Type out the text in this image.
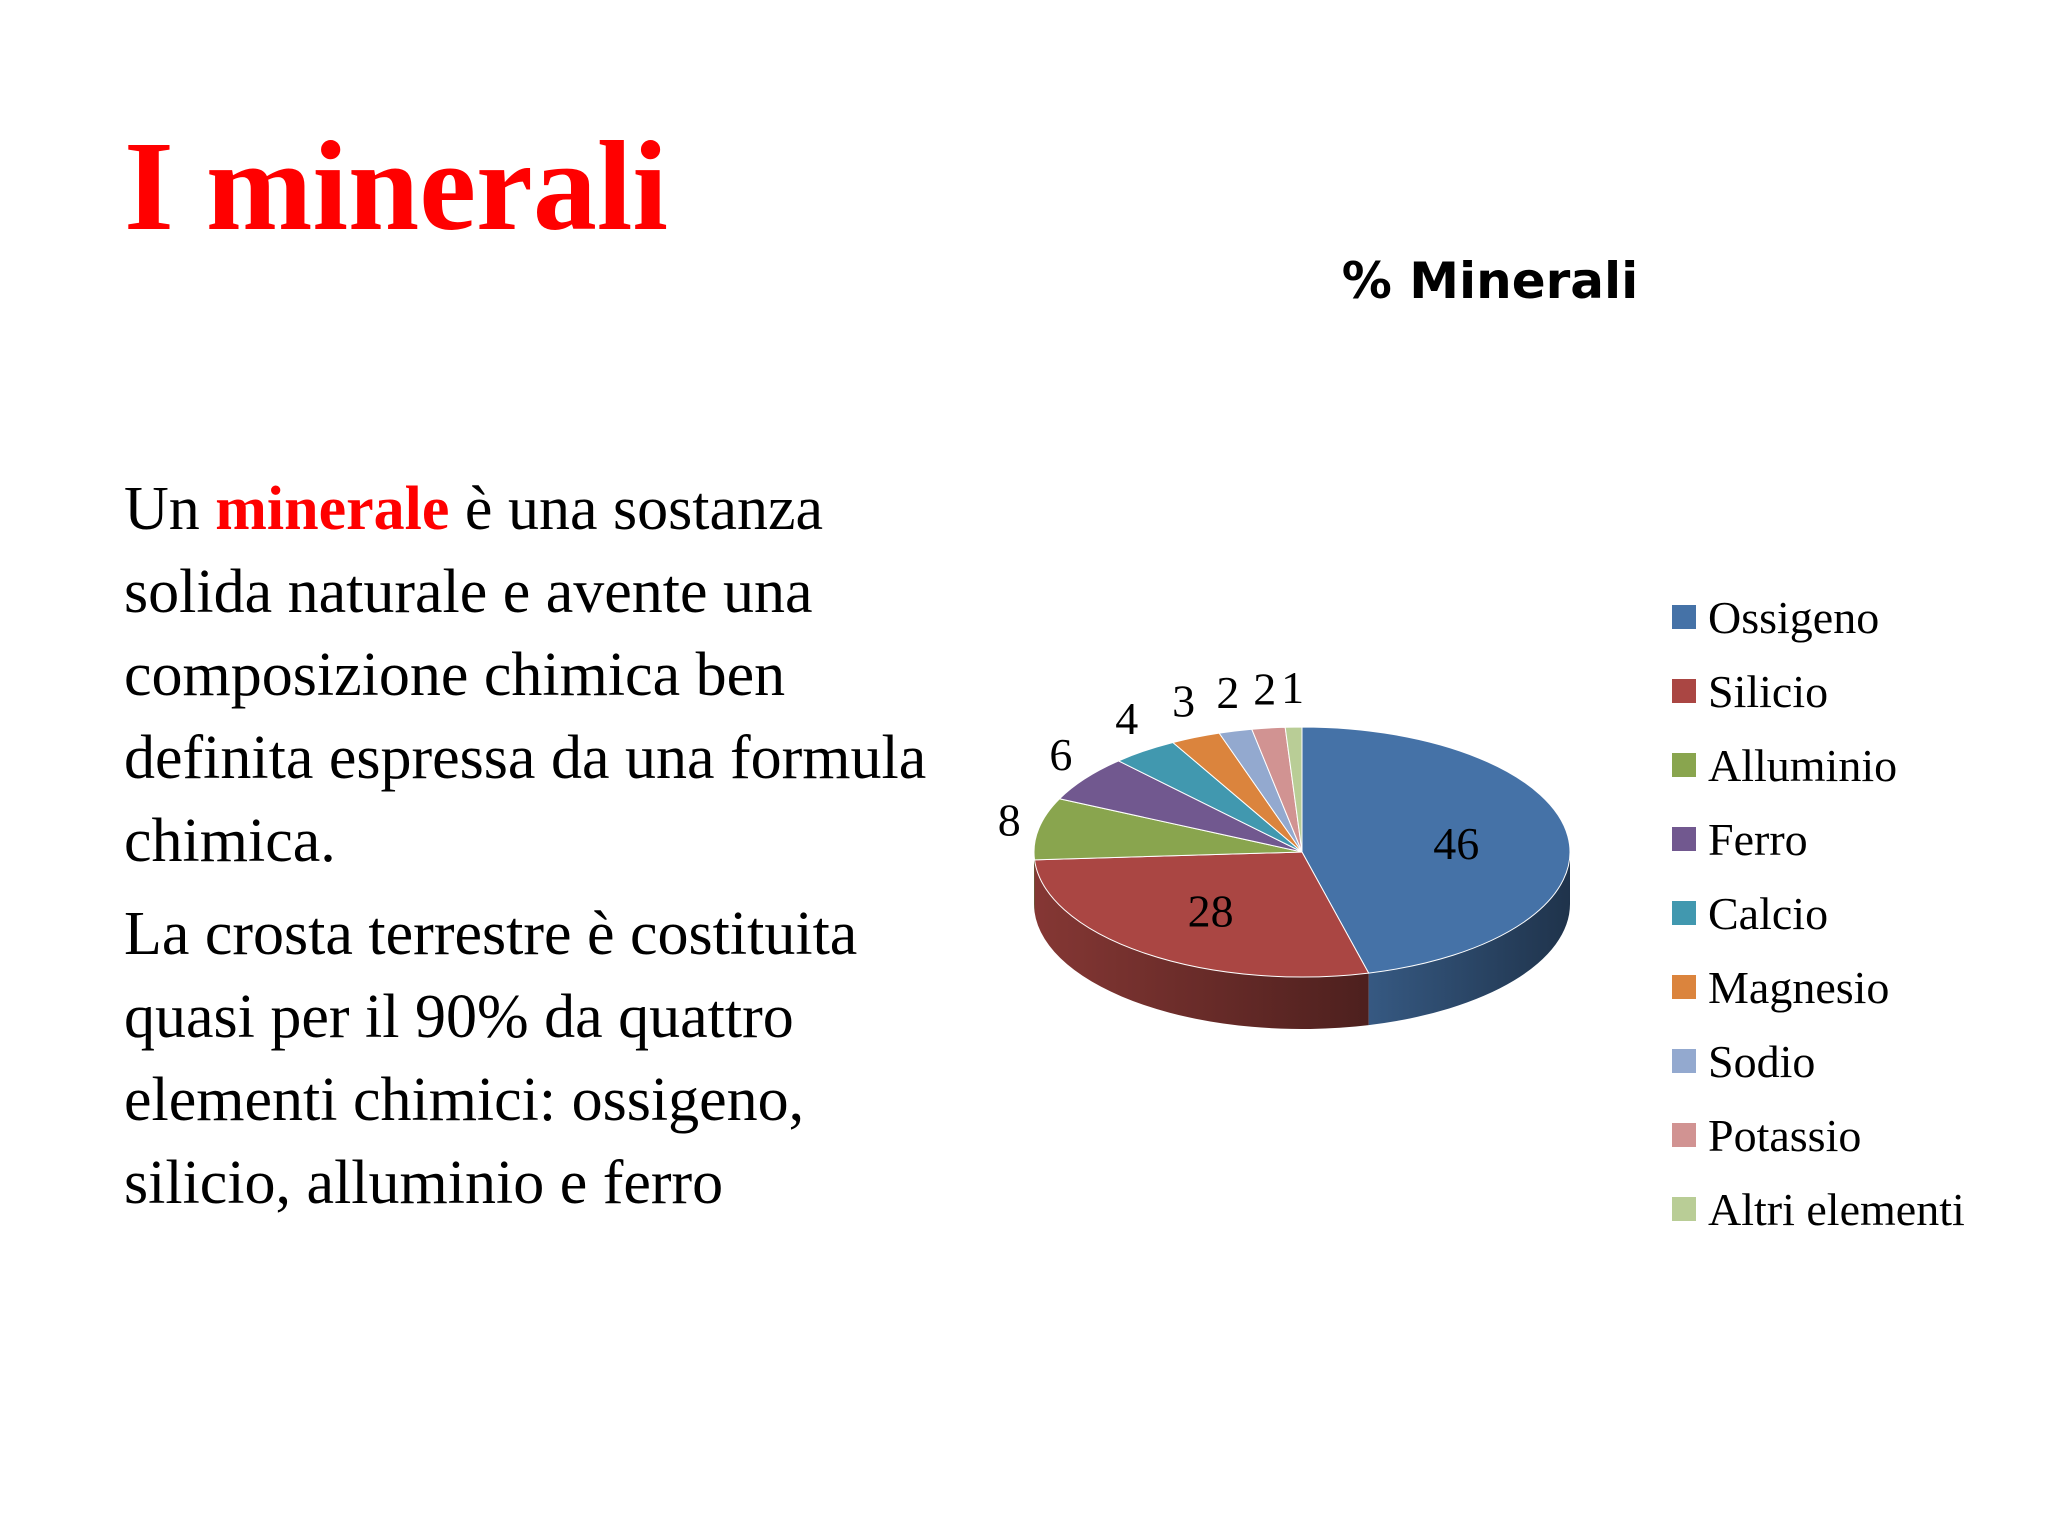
I minerali

Un minerale è una sostanza solida naturale e avente una composizione chimica ben definita espressa da una formula chimica.

La crosta terrestre è costituita quasi per il 90% da quattro elementi chimici: ossigeno, silicio, alluminio e ferro

% Minerali
46
28
8
6
4 3 2 2 1
Ossigeno
Silicio
Alluminio
Ferro
Calcio
Magnesio
Sodio
Potassio
Altri elementi
